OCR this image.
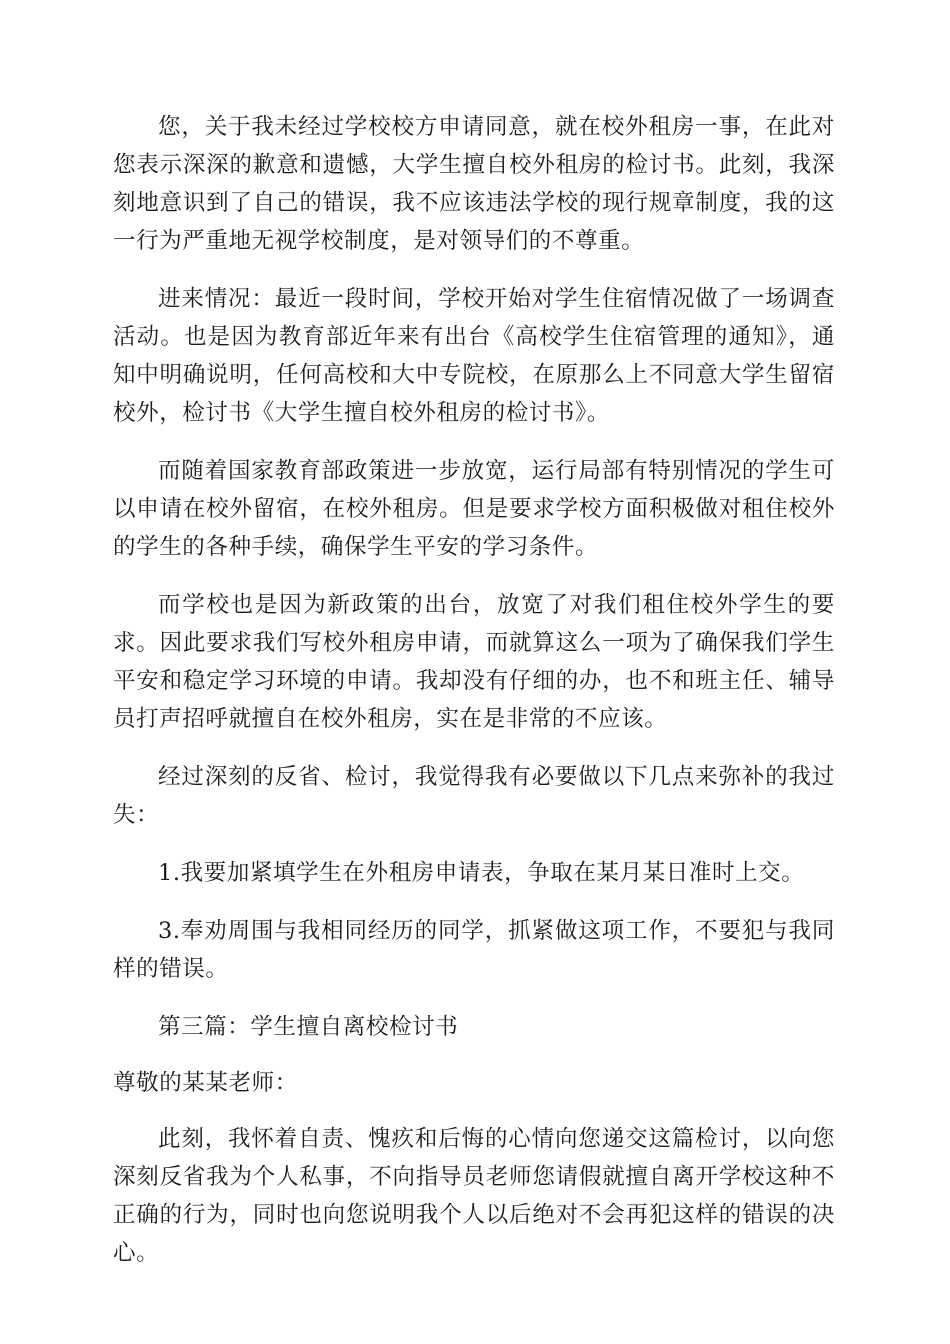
您，关于我未经过学校校方申请同意，就在校外租房一事，在此对您表示深深的歉意和遗憾，大学生擅自校外租房的检讨书。此刻，我深刻地意识到了自己的错误，我不应该违法学校的现行规章制度，我的这一行为严重地无视学校制度，是对领导们的不尊重。

进来情况：最近一段时间，学校开始对学生住宿情况做了一场调查活动。也是因为教育部近年来有出台《高校学生住宿管理的通知》，通知中明确说明，任何高校和大中专院校，在原那么上不同意大学生留宿校外，检讨书《大学生擅自校外租房的检讨书》。

而随着国家教育部政策进一步放宽，运行局部有特别情况的学生可以申请在校外留宿，在校外租房。但是要求学校方面积极做对租住校外的学生的各种手续，确保学生平安的学习条件。

而学校也是因为新政策的出台，放宽了对我们租住校外学生的要求。因此要求我们写校外租房申请，而就算这么一项为了确保我们学生平安和稳定学习环境的申请。我却没有仔细的办，也不和班主任、辅导员打声招呼就擅自在校外租房，实在是非常的不应该。

经过深刻的反省、检讨，我觉得我有必要做以下几点来弥补的我过失：

1.我要加紧填学生在外租房申请表，争取在某月某日准时上交。

3.奉劝周围与我相同经历的同学，抓紧做这项工作，不要犯与我同样的错误。

第三篇：学生擅自离校检讨书

尊敬的某某老师：

此刻，我怀着自责、愧疚和后悔的心情向您递交这篇检讨，以向您深刻反省我为个人私事，不向指导员老师您请假就擅自离开学校这种不正确的行为，同时也向您说明我个人以后绝对不会再犯这样的错误的决心。
